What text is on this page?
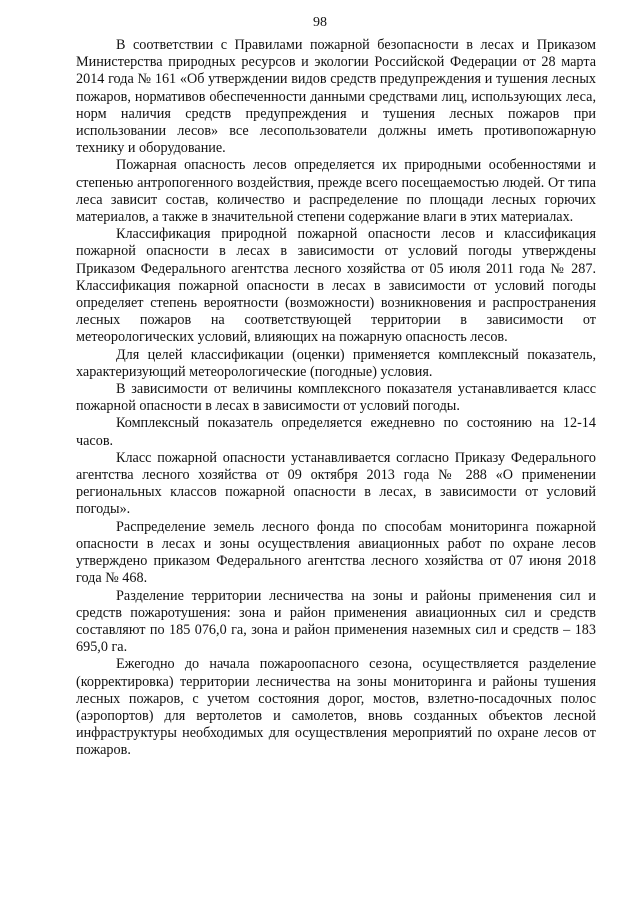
98

В соответствии с Правилами пожарной безопасности в лесах и Приказом Министерства природных ресурсов и экологии Российской Федерации от 28 марта 2014 года № 161 «Об утверждении видов средств предупреждения и тушения лесных пожаров, нормативов обеспеченности данными средствами лиц, использующих леса, норм наличия средств предупреждения и тушения лесных пожаров при использовании лесов» все лесопользователи должны иметь противопожарную технику и оборудование.

Пожарная опасность лесов определяется их природными особенностями и степенью антропогенного воздействия, прежде всего посещаемостью людей. От типа леса зависит состав, количество и распределение по площади лесных горючих материалов, а также в значительной степени содержание влаги в этих материалах.

Классификация природной пожарной опасности лесов и классификация пожарной опасности в лесах в зависимости от условий погоды утверждены Приказом Федерального агентства лесного хозяйства от 05 июля 2011 года № 287. Классификация пожарной опасности в лесах в зависимости от условий погоды определяет степень вероятности (возможности) возникновения и распространения лесных пожаров на соответствующей территории в зависимости от метеорологических условий, влияющих на пожарную опасность лесов.

Для целей классификации (оценки) применяется комплексный показатель, характеризующий метеорологические (погодные) условия.

В зависимости от величины комплексного показателя устанавливается класс пожарной опасности в лесах в зависимости от условий погоды.

Комплексный показатель определяется ежедневно по состоянию на 12-14 часов.

Класс пожарной опасности устанавливается согласно Приказу Федерального агентства лесного хозяйства от 09 октября 2013 года № 288 «О применении региональных классов пожарной опасности в лесах, в зависимости от условий погоды».

Распределение земель лесного фонда по способам мониторинга пожарной опасности в лесах и зоны осуществления авиационных работ по охране лесов утверждено приказом Федерального агентства лесного хозяйства от 07 июня 2018 года № 468.

Разделение территории лесничества на зоны и районы применения сил и средств пожаротушения: зона и район применения авиационных сил и средств составляют по 185 076,0 га, зона и район применения наземных сил и средств – 183 695,0 га.

Ежегодно до начала пожароопасного сезона, осуществляется разделение (корректировка) территории лесничества на зоны мониторинга и районы тушения лесных пожаров, с учетом состояния дорог, мостов, взлетно-посадочных полос (аэропортов) для вертолетов и самолетов, вновь созданных объектов лесной инфраструктуры необходимых для осуществления мероприятий по охране лесов от пожаров.
